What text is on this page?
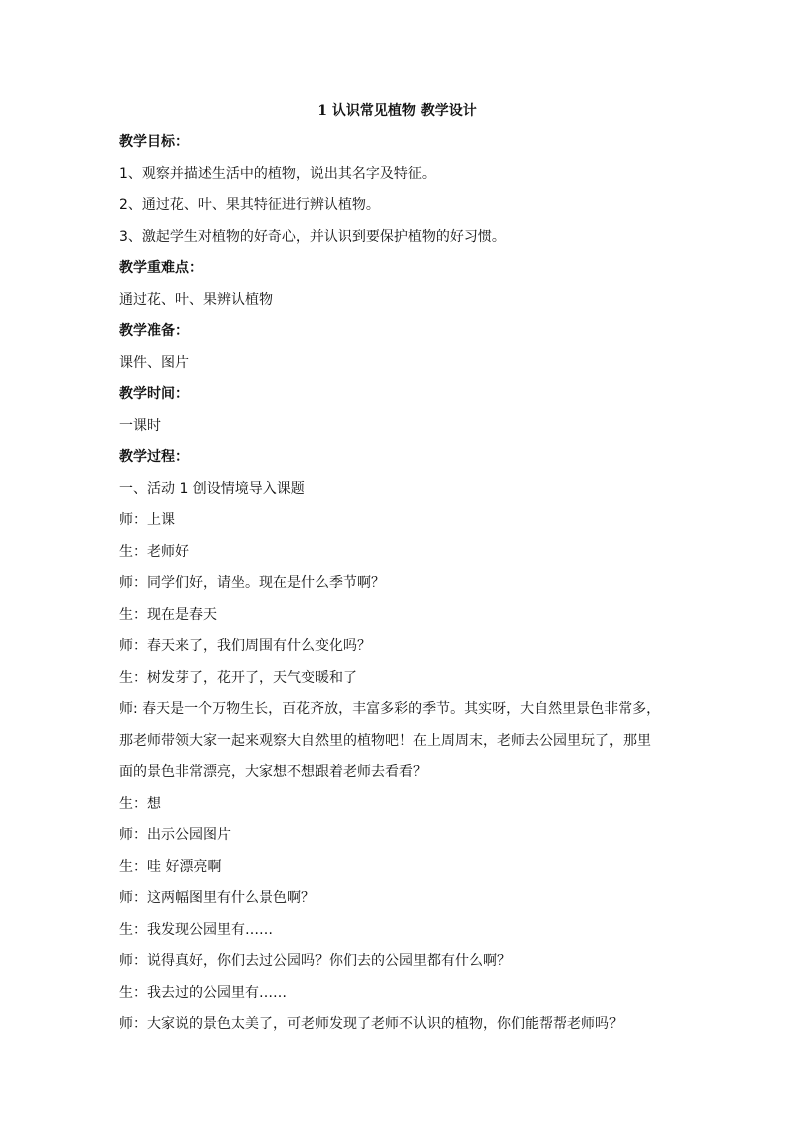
1 认识常见植物 教学设计
教学目标：
1、观察并描述生活中的植物，说出其名字及特征。
2、通过花、叶、果其特征进行辨认植物。
3、激起学生对植物的好奇心，并认识到要保护植物的好习惯。
教学重难点：
通过花、叶、果辨认植物
教学准备：
课件、图片
教学时间：
一课时
教学过程：
一、活动 1 创设情境导入课题
师：上课
生：老师好
师：同学们好，请坐。现在是什么季节啊？
生：现在是春天
师：春天来了，我们周围有什么变化吗？
生：树发芽了，花开了，天气变暖和了
师: 春天是一个万物生长，百花齐放，丰富多彩的季节。其实呀，大自然里景色非常多，
那老师带领大家一起来观察大自然里的植物吧！在上周周末，老师去公园里玩了，那里
面的景色非常漂亮，大家想不想跟着老师去看看？
生：想
师：出示公园图片
生：哇 好漂亮啊
师：这两幅图里有什么景色啊？
生：我发现公园里有……
师：说得真好，你们去过公园吗？你们去的公园里都有什么啊？
生：我去过的公园里有……
师：大家说的景色太美了，可老师发现了老师不认识的植物，你们能帮帮老师吗？
